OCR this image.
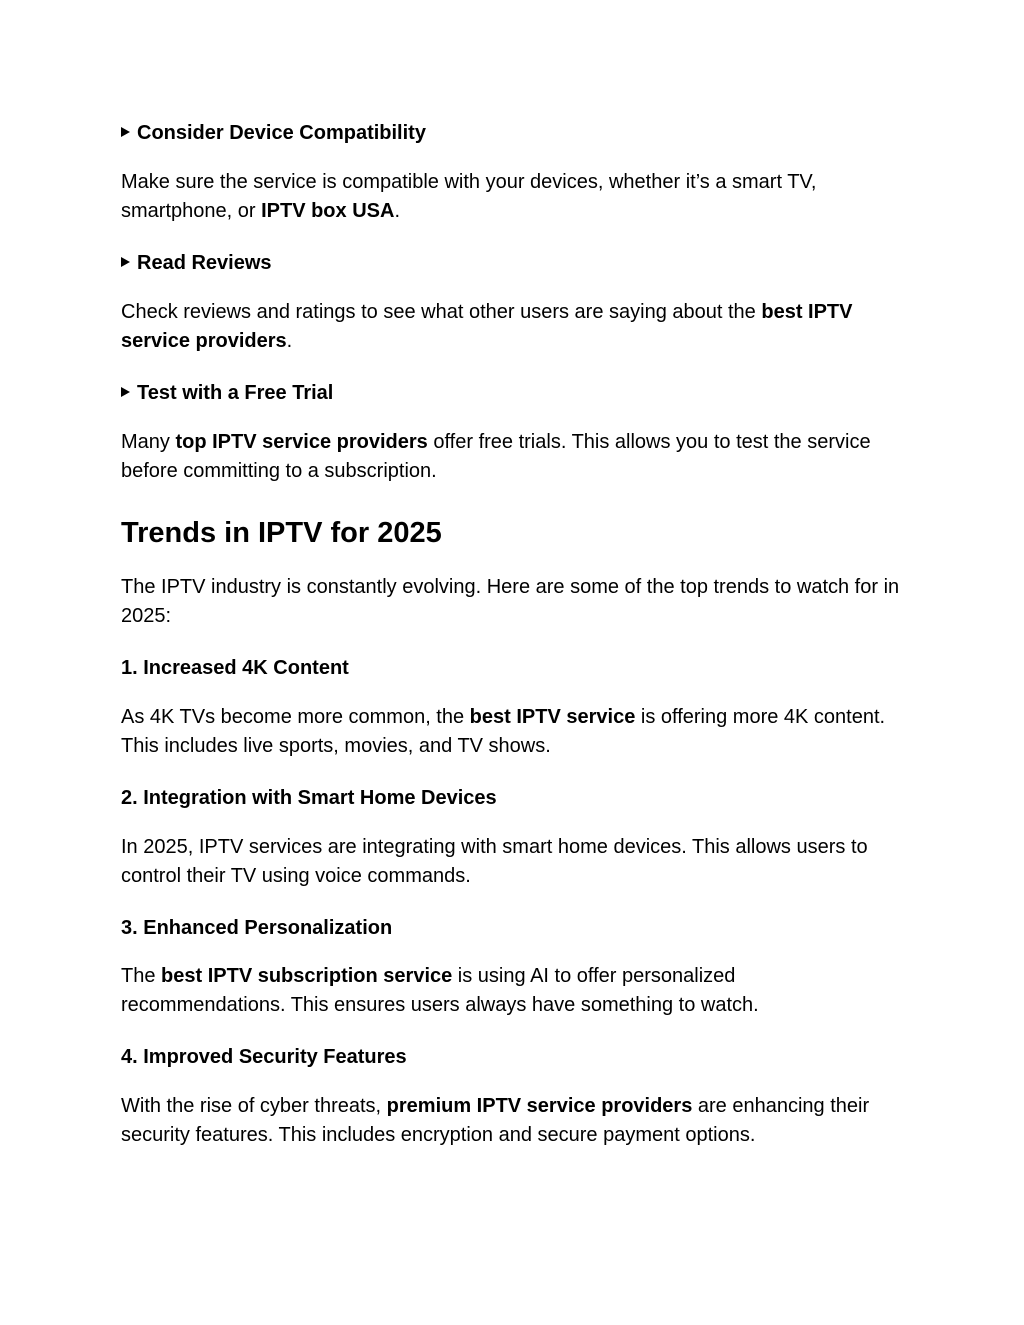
Consider Device Compatibility

Make sure the service is compatible with your devices, whether it’s a smart TV, smartphone, or IPTV box USA.

Read Reviews

Check reviews and ratings to see what other users are saying about the best IPTV service providers.

Test with a Free Trial

Many top IPTV service providers offer free trials. This allows you to test the service before committing to a subscription.

Trends in IPTV for 2025

The IPTV industry is constantly evolving. Here are some of the top trends to watch for in 2025:

1. Increased 4K Content

As 4K TVs become more common, the best IPTV service is offering more 4K content. This includes live sports, movies, and TV shows.

2. Integration with Smart Home Devices

In 2025, IPTV services are integrating with smart home devices. This allows users to control their TV using voice commands.

3. Enhanced Personalization

The best IPTV subscription service is using AI to offer personalized recommendations. This ensures users always have something to watch.

4. Improved Security Features

With the rise of cyber threats, premium IPTV service providers are enhancing their security features. This includes encryption and secure payment options.
